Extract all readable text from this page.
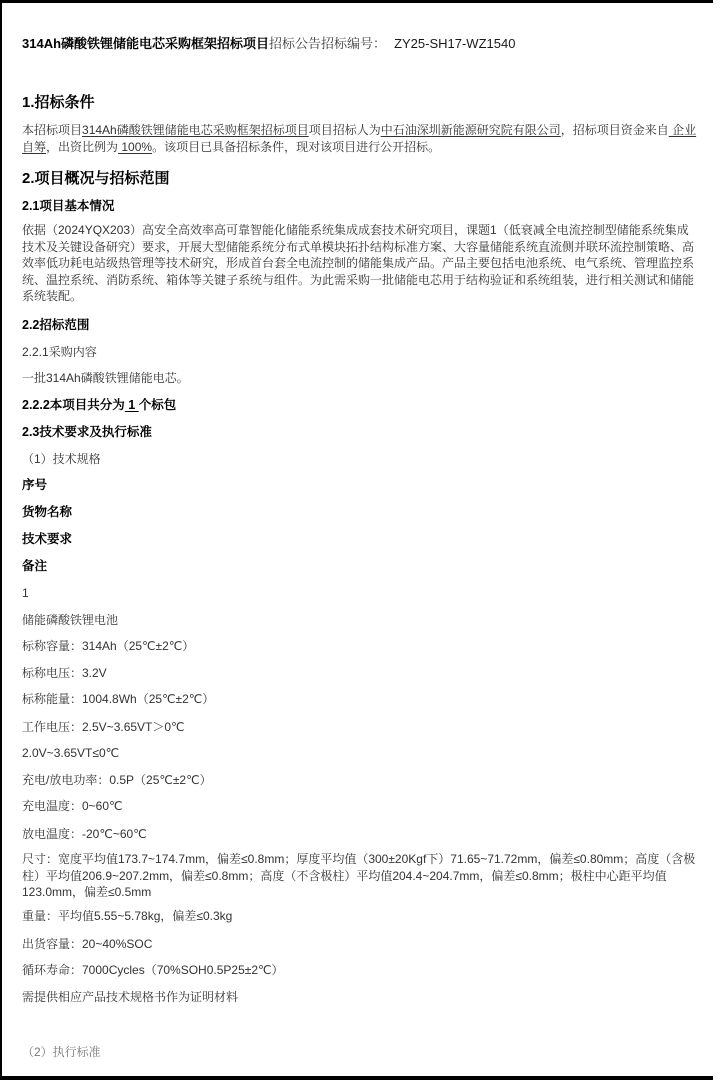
314Ah磷酸铁锂储能电芯采购框架招标项目招标公告招标编号： ZY25-SH17-WZ1540

1.招标条件

本招标项目314Ah磷酸铁锂储能电芯采购框架招标项目项目招标人为中石油深圳新能源研究院有限公司，招标项目资金来自 企业自筹，出资比例为 100%。该项目已具备招标条件，现对该项目进行公开招标。

2.项目概况与招标范围

2.1项目基本情况

依据（2024YQX203）高安全高效率高可靠智能化储能系统集成成套技术研究项目，课题1（低衰减全电流控制型储能系统集成技术及关键设备研究）要求，开展大型储能系统分布式单模块拓扑结构标准方案、大容量储能系统直流侧并联环流控制策略、高效率低功耗电站级热管理等技术研究，形成首台套全电流控制的储能集成产品。产品主要包括电池系统、电气系统、管理监控系统、温控系统、消防系统、箱体等关键子系统与组件。为此需采购一批储能电芯用于结构验证和系统组装，进行相关测试和储能系统装配。

2.2招标范围

2.2.1采购内容

一批314Ah磷酸铁锂储能电芯。

2.2.2本项目共分为 1 个标包

2.3技术要求及执行标准

（1）技术规格

序号

货物名称

技术要求

备注

1

储能磷酸铁锂电池

标称容量：314Ah（25℃±2℃）

标称电压：3.2V

标称能量：1004.8Wh（25℃±2℃）

工作电压：2.5V~3.65VT＞0℃

2.0V~3.65VT≤0℃

充电/放电功率：0.5P（25℃±2℃）

充电温度：0~60℃

放电温度：-20℃~60℃

尺寸：宽度平均值173.7~174.7mm，偏差≤0.8mm；厚度平均值（300±20Kgf下）71.65~71.72mm，偏差≤0.80mm；高度（含极柱）平均值206.9~207.2mm，偏差≤0.8mm；高度（不含极柱）平均值204.4~204.7mm，偏差≤0.8mm；极柱中心距平均值123.0mm，偏差≤0.5mm

重量：平均值5.55~5.78kg，偏差≤0.3kg

出货容量：20~40%SOC

循环寿命：7000Cycles（70%SOH0.5P25±2℃）

需提供相应产品技术规格书作为证明材料

（2）执行标准
